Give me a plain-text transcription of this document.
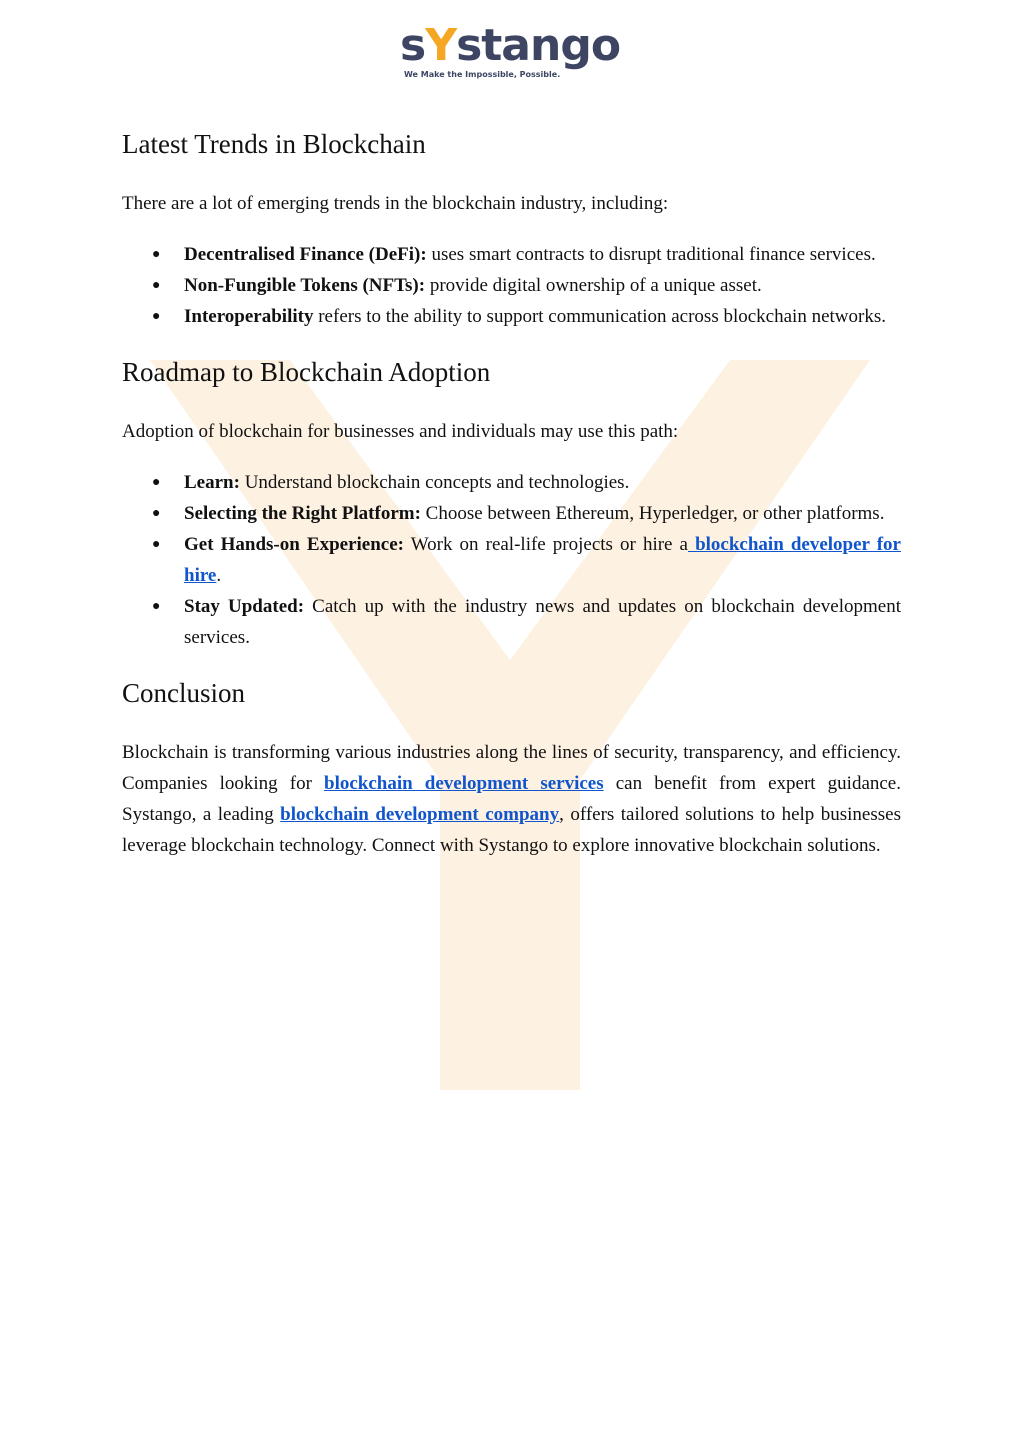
sYstango
We Make the Impossible, Possible.
Latest Trends in Blockchain

There are a lot of emerging trends in the blockchain industry, including:

● Decentralised Finance (DeFi): uses smart contracts to disrupt traditional finance services.
● Non-Fungible Tokens (NFTs): provide digital ownership of a unique asset.
● Interoperability refers to the ability to support communication across blockchain networks.
Roadmap to Blockchain Adoption

Adoption of blockchain for businesses and individuals may use this path:

● Learn: Understand blockchain concepts and technologies.
● Selecting the Right Platform: Choose between Ethereum, Hyperledger, or other platforms.
● Get Hands-on Experience: Work on real-life projects or hire a blockchain developer for hire.
● Stay Updated: Catch up with the industry news and updates on blockchain development services.
Conclusion

Blockchain is transforming various industries along the lines of security, transparency, and efficiency. Companies looking for blockchain development services can benefit from expert guidance. Systango, a leading blockchain development company, offers tailored solutions to help businesses leverage blockchain technology. Connect with Systango to explore innovative blockchain solutions.
